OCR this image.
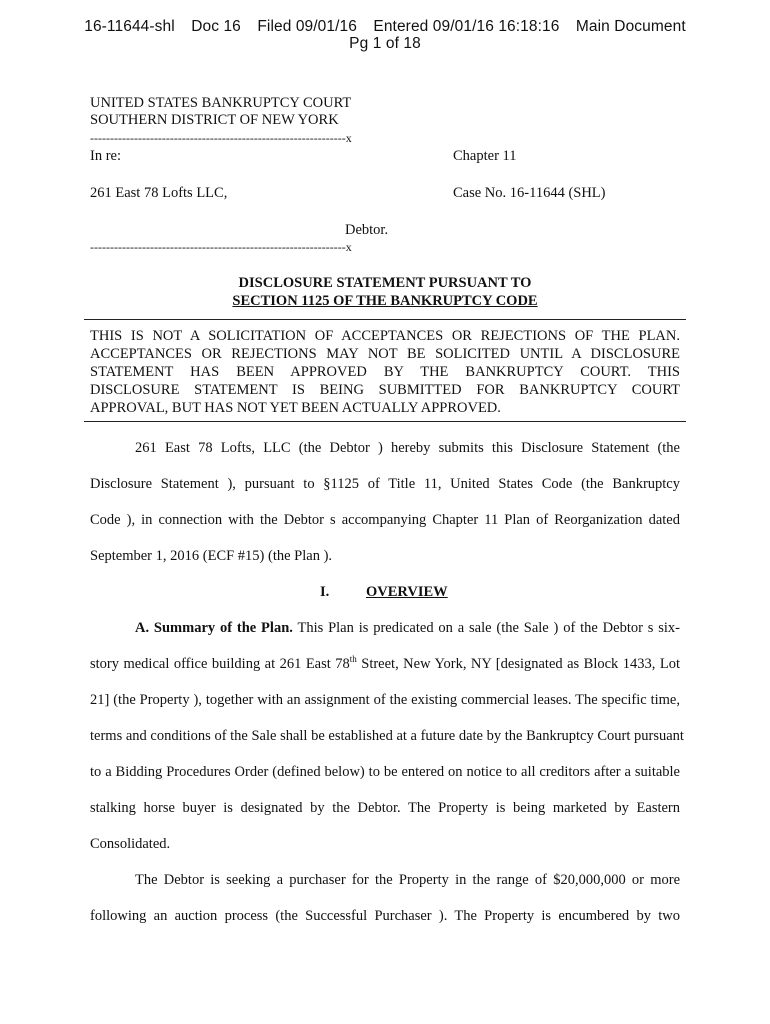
16-11644-shl Doc 16 Filed 09/01/16 Entered 09/01/16 16:18:16 Main Document
Pg 1 of 18
UNITED STATES BANKRUPTCY COURT
SOUTHERN DISTRICT OF NEW YORK
----------------------------------------------------------------x
In re:	Chapter 11
261 East 78 Lofts LLC,	Case No. 16-11644 (SHL)
Debtor.
----------------------------------------------------------------x
DISCLOSURE STATEMENT PURSUANT TO
SECTION 1125 OF THE BANKRUPTCY CODE
THIS IS NOT A SOLICITATION OF ACCEPTANCES OR REJECTIONS OF THE PLAN.
ACCEPTANCES OR REJECTIONS MAY NOT BE SOLICITED UNTIL A DISCLOSURE
STATEMENT HAS BEEN APPROVED BY THE BANKRUPTCY COURT. THIS
DISCLOSURE STATEMENT IS BEING SUBMITTED FOR BANKRUPTCY COURT
APPROVAL, BUT HAS NOT YET BEEN ACTUALLY APPROVED.
261 East 78 Lofts, LLC (the Debtor ) hereby submits this Disclosure Statement (the
Disclosure Statement ), pursuant to §1125 of Title 11, United States Code (the Bankruptcy
Code ), in connection with the Debtor s accompanying Chapter 11 Plan of Reorganization dated
September 1, 2016 (ECF #15) (the Plan ).
I.	OVERVIEW
A. Summary of the Plan. This Plan is predicated on a sale (the Sale ) of the Debtor s six-
story medical office building at 261 East 78th Street, New York, NY [designated as Block 1433, Lot
21] (the Property ), together with an assignment of the existing commercial leases. The specific time,
terms and conditions of the Sale shall be established at a future date by the Bankruptcy Court pursuant
to a Bidding Procedures Order (defined below) to be entered on notice to all creditors after a suitable
stalking horse buyer is designated by the Debtor. The Property is being marketed by Eastern
Consolidated.
The Debtor is seeking a purchaser for the Property in the range of $20,000,000 or more
following an auction process (the Successful Purchaser ). The Property is encumbered by two
